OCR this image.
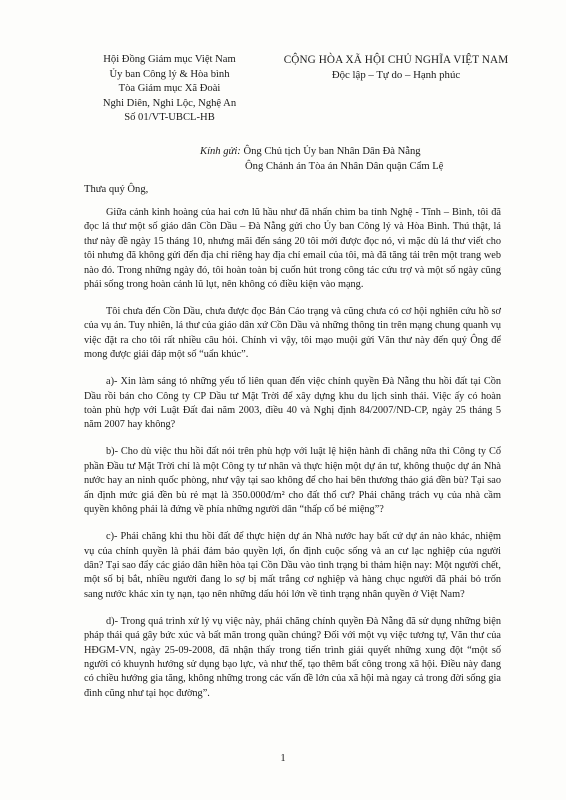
Hội Đồng Giám mục Việt Nam
Ủy ban Công lý & Hòa bình
Tòa Giám mục Xã Đoài
Nghi Diên, Nghi Lộc, Nghệ An
Số 01/VT-UBCL-HB
CỘNG HÒA XÃ HỘI CHỦ NGHĨA VIỆT NAM
Độc lập – Tự do – Hạnh phúc
Kính gửi: Ông Chủ tịch Ủy ban Nhân Dân Đà Nẵng
Ông Chánh án Tòa án Nhân Dân quận Cẩm Lệ
Thưa quý Ông,

Giữa cảnh kinh hoàng của hai cơn lũ hầu như đã nhấn chìm ba tỉnh Nghệ - Tĩnh – Bình, tôi đã đọc lá thư một số giáo dân Cồn Dầu – Đà Nẵng gửi cho Ủy ban Công lý và Hòa Bình. Thú thật, lá thư này đề ngày 15 tháng 10, nhưng mãi đến sáng 20 tôi mới được đọc nó, vì mặc dù lá thư viết cho tôi nhưng đã không gửi đến địa chỉ riêng hay địa chỉ email của tôi, mà đã tăng tải trên một trang web nào đó. Trong những ngày đó, tôi hoàn toàn bị cuốn hút trong công tác cứu trợ và một số ngày cũng phải sống trong hoàn cảnh lũ lụt, nên không có điều kiện vào mạng.

Tôi chưa đến Cồn Dầu, chưa được đọc Bản Cáo trạng và cũng chưa có cơ hội nghiên cứu hồ sơ của vụ án. Tuy nhiên, lá thư của giáo dân xứ Cồn Dầu và những thông tin trên mạng chung quanh vụ việc đặt ra cho tôi rất nhiều câu hỏi. Chính vì vậy, tôi mạo muội gửi Văn thư này đến quý Ông để mong được giải đáp một số “uẩn khúc”.

a)- Xin làm sáng tỏ những yếu tố liên quan đến việc chính quyền Đà Nẵng thu hồi đất tại Cồn Dầu rồi bán cho Công ty CP Dầu tư Mặt Trời để xây dựng khu du lịch sinh thái. Việc ấy có hoàn toàn phù hợp với Luật Đất đai năm 2003, điều 40 và Nghị định 84/2007/ND-CP, ngày 25 tháng 5 năm 2007 hay không?

b)- Cho dù việc thu hồi đất nói trên phù hợp với luật lệ hiện hành đi chăng nữa thì Công ty Cổ phần Đầu tư Mặt Trời chỉ là một Công ty tư nhân và thực hiện một dự án tư, không thuộc dự án Nhà nước hay an ninh quốc phòng, như vậy tại sao không để cho hai bên thương thảo giá đền bù? Tại sao ấn định mức giá đền bù rẻ mạt là 350.000đ/m² cho đất thổ cư? Phải chăng trách vụ của nhà cầm quyền không phải là đứng về phía những người dân “thấp cổ bé miệng”?

c)- Phải chăng khi thu hồi đất để thực hiện dự án Nhà nước hay bất cứ dự án nào khác, nhiệm vụ của chính quyền là phải đảm bảo quyền lợi, ổn định cuộc sống và an cư lạc nghiệp của người dân? Tại sao đẩy các giáo dân hiền hòa tại Cồn Dầu vào tình trạng bi thảm hiện nay: Một người chết, một số bị bắt, nhiều người đang lo sợ bị mất trắng cơ nghiệp và hàng chục người đã phải bỏ trốn sang nước khác xin tỵ nạn, tạo nên những dấu hỏi lớn về tình trạng nhân quyền ở Việt Nam?

d)- Trong quá trình xử lý vụ việc này, phải chăng chính quyền Đà Nẵng đã sử dụng những biện pháp thái quá gây bức xúc và bất mãn trong quần chúng? Đối với một vụ việc tương tự, Văn thư của HĐGM-VN, ngày 25-09-2008, đã nhận thấy trong tiến trình giải quyết những xung đột “một số người có khuynh hướng sử dụng bạo lực, và như thế, tạo thêm bất công trong xã hội. Điều này đang có chiều hướng gia tăng, không những trong các vấn đề lớn của xã hội mà ngay cả trong đời sống gia đình cũng như tại học đường”.

1
